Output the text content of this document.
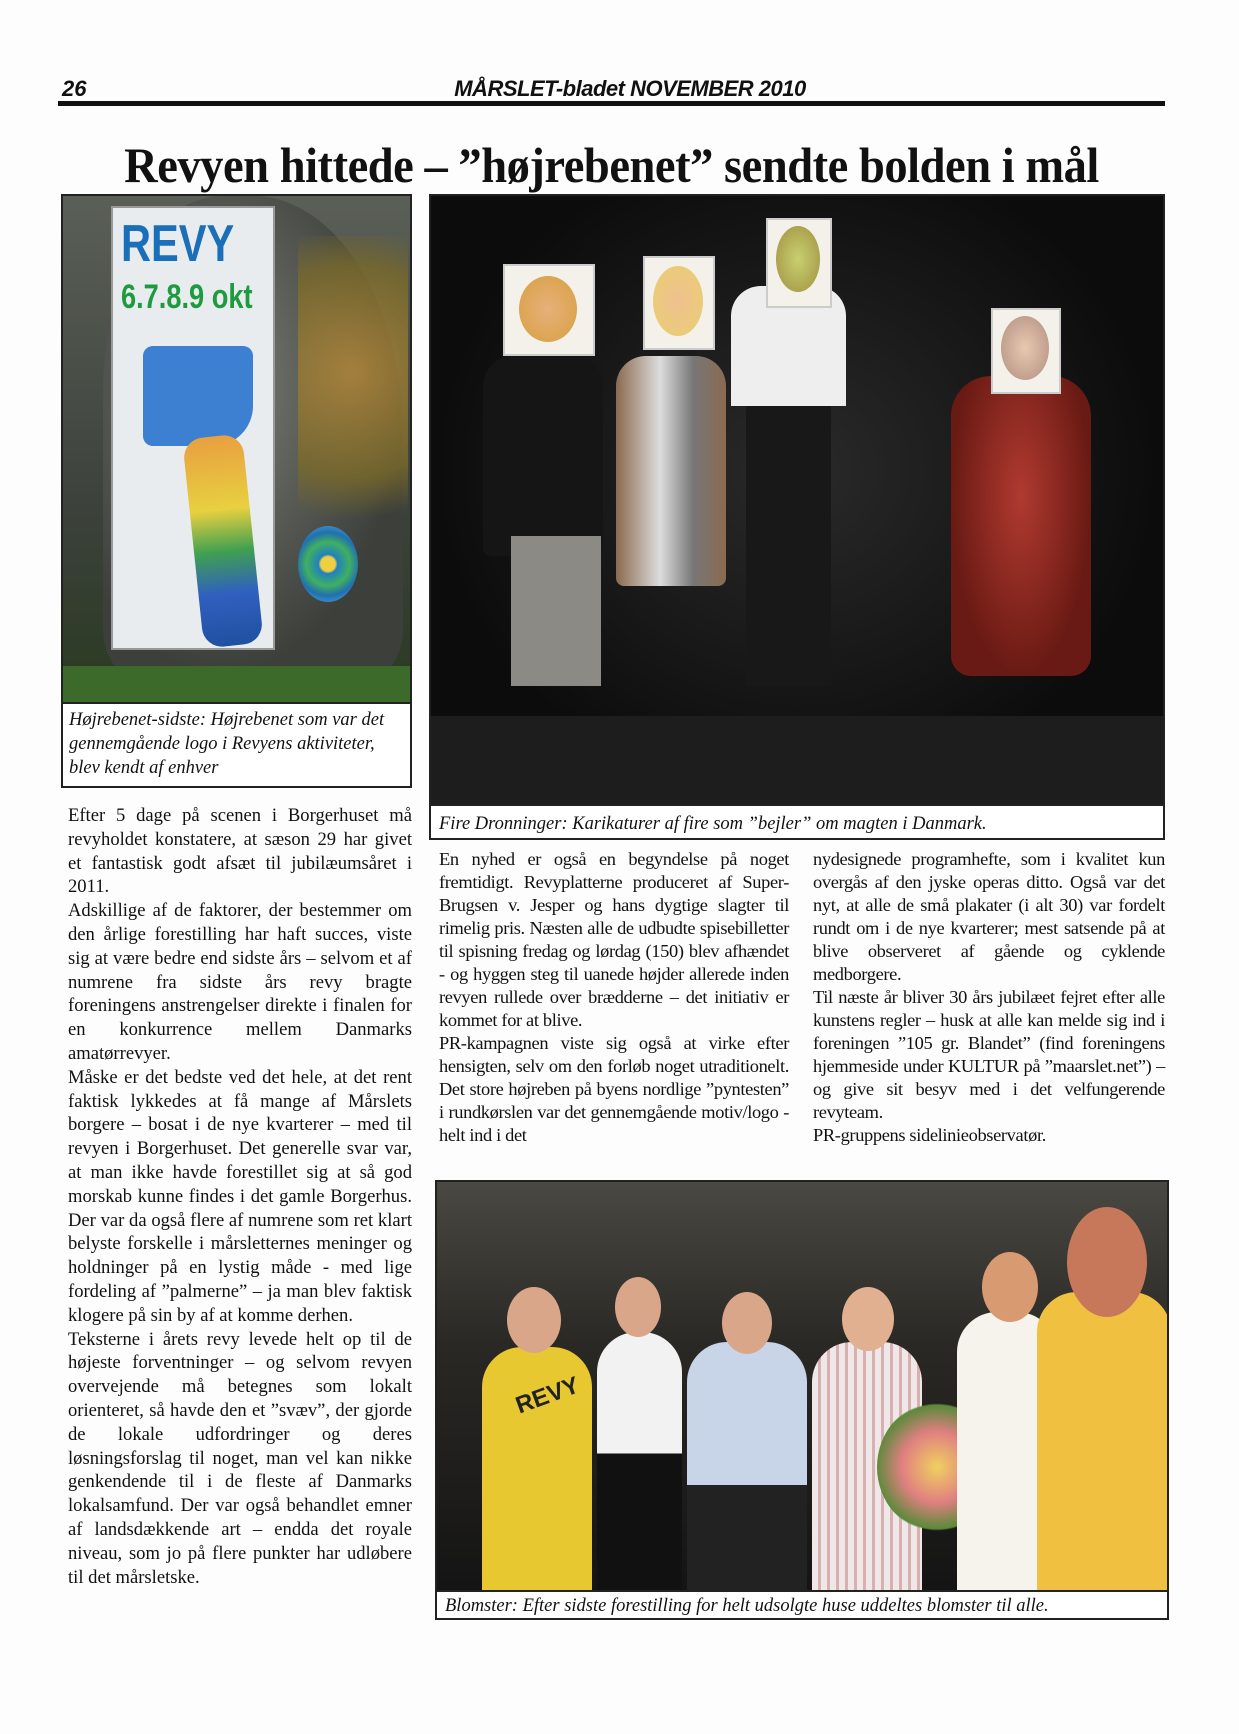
26	MÅRSLET-bladet NOVEMBER 2010
Revyen hittede – ”højrebenet” sendte bolden i mål
REVY
6.7.8.9 okt
Højrebenet-sidste: Højrebenet som var det gennemgående logo i Revyens aktiviteter, blev kendt af enhver
Fire Dronninger: Karikaturer af fire som ”bejler” om magten i Danmark.

Efter 5 dage på scenen i Borgerhuset må revyholdet konstatere, at sæson 29 har givet et fantastisk godt afsæt til jubilæumsåret i 2011.

Adskillige af de faktorer, der bestemmer om den årlige forestilling har haft succes, viste sig at være bedre end sidste års – selvom et af numrene fra sidste års revy bragte foreningens anstrengelser direkte i finalen for en konkurrence mellem Danmarks amatørrevyer.

Måske er det bedste ved det hele, at det rent faktisk lykkedes at få mange af Mårslets borgere – bosat i de nye kvarterer – med til revyen i Borgerhuset. Det generelle svar var, at man ikke havde forestillet sig at så god morskab kunne findes i det gamle Borgerhus. Der var da også flere af numrene som ret klart belyste forskelle i mårsletternes meninger og holdninger på en lystig måde - med lige fordeling af ”palmerne” – ja man blev faktisk klogere på sin by af at komme derhen.

Teksterne i årets revy levede helt op til de højeste forventninger – og selvom revyen overvejende må betegnes som lokalt orienteret, så havde den et ”svæv”, der gjorde de lokale udfordringer og deres løsningsforslag til noget, man vel kan nikke genkendende til i de fleste af Danmarks lokalsamfund. Der var også behandlet emner af landsdækkende art – endda det royale niveau, som jo på flere punkter har udløbere til det mårsletske.

En nyhed er også en begyndelse på noget fremtidigt. Revyplatterne produceret af Super-Brugsen v. Jesper og hans dygtige slagter til rimelig pris. Næsten alle de udbudte spisebilletter til spisning fredag og lørdag (150) blev afhændet - og hyggen steg til uanede højder allerede inden revyen rullede over brædderne – det initiativ er kommet for at blive.

PR-kampagnen viste sig også at virke efter hensigten, selv om den forløb noget utraditionelt. Det store højreben på byens nordlige ”pyntesten” i rundkørslen var det gennemgående motiv/logo - helt ind i det

nydesignede programhefte, som i kvalitet kun overgås af den jyske operas ditto. Også var det nyt, at alle de små plakater (i alt 30) var fordelt rundt om i de nye kvarterer; mest satsende på at blive observeret af gående og cyklende medborgere.

Til næste år bliver 30 års jubilæet fejret efter alle kunstens regler – husk at alle kan melde sig ind i foreningen ”105 gr. Blandet” (find foreningens hjemmeside under KULTUR på ”maarslet.net”) – og give sit besyv med i det velfungerende revyteam.

PR-gruppens sidelinieobservatør.

REVY
Blomster: Efter sidste forestilling for helt udsolgte huse uddeltes blomster til alle.
